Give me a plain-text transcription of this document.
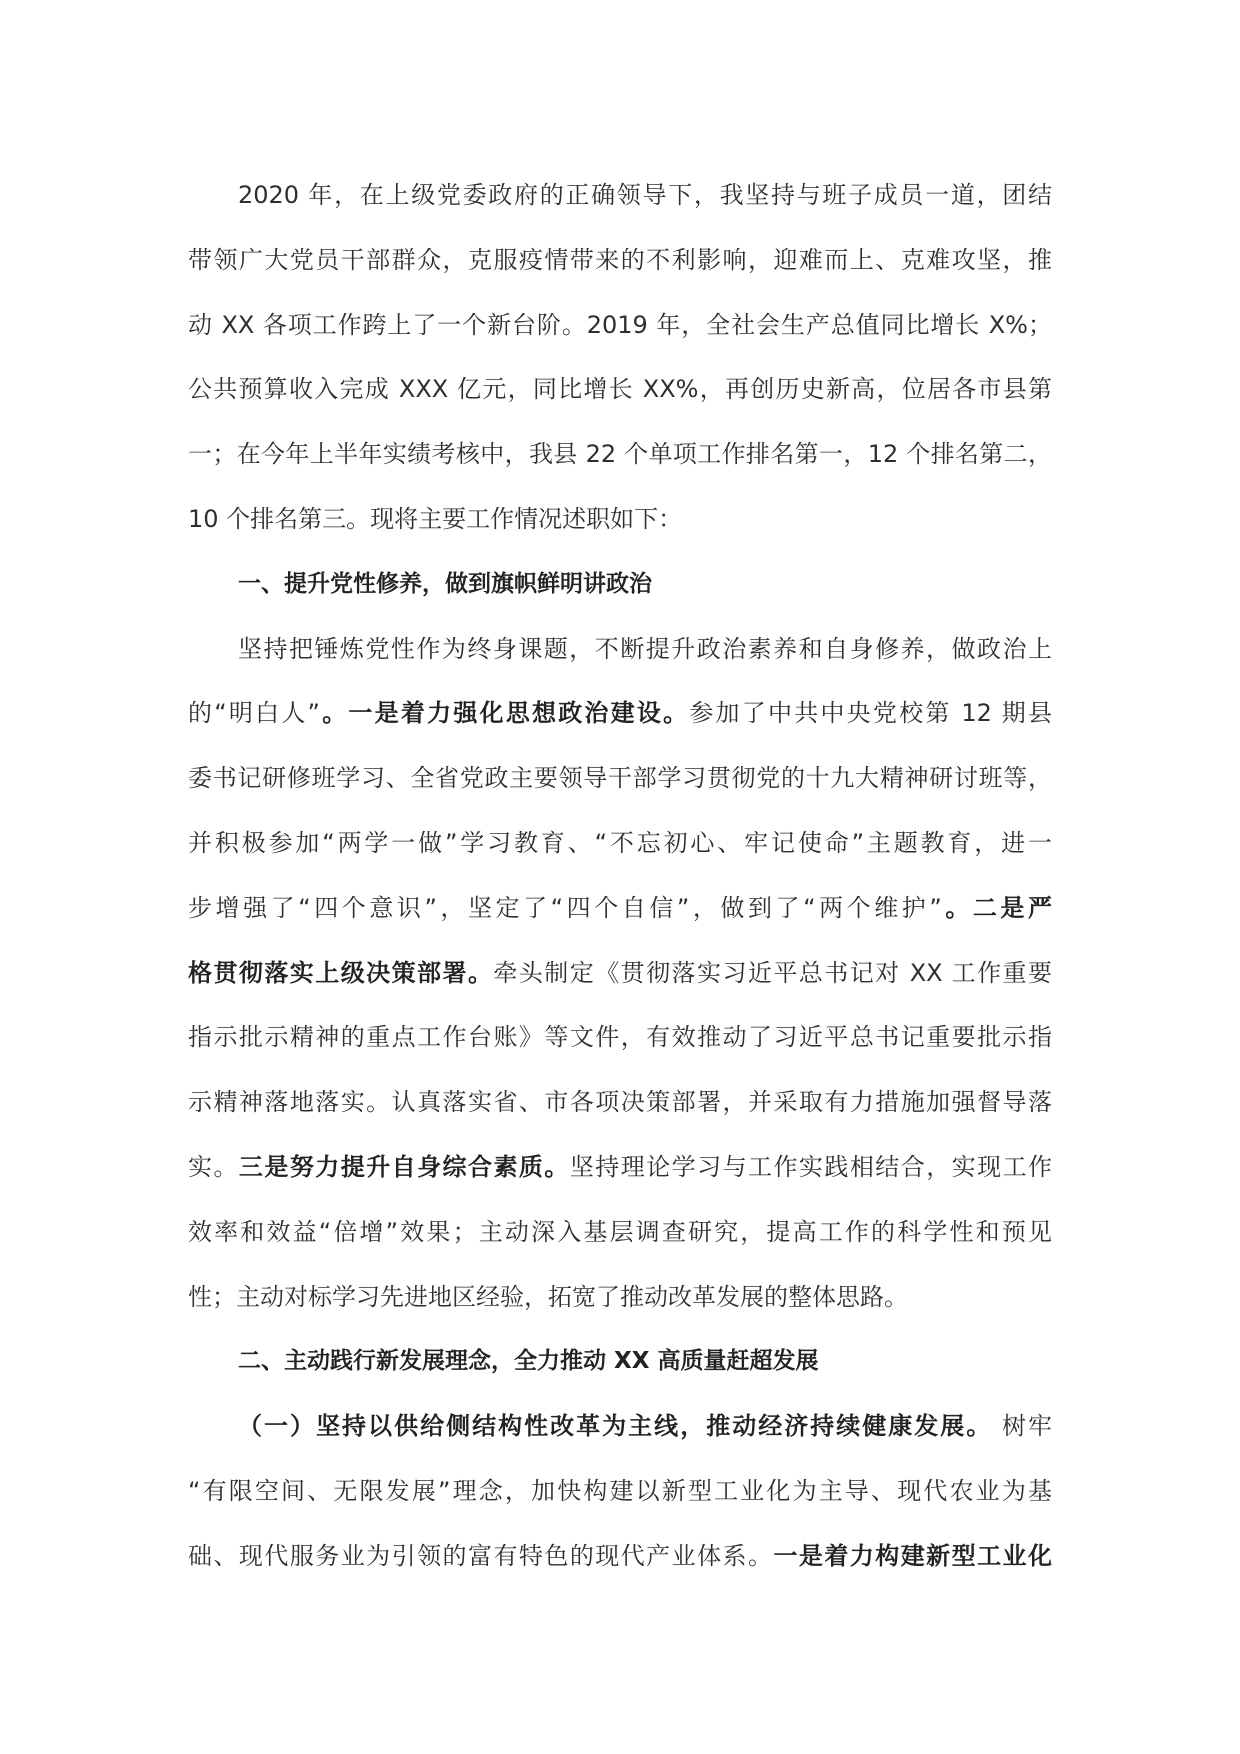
2020 年，在上级党委政府的正确领导下，我坚持与班子成员一道，团结
带领广大党员干部群众，克服疫情带来的不利影响，迎难而上、克难攻坚，推
动 XX 各项工作跨上了一个新台阶。2019 年，全社会生产总值同比增长 X%；
公共预算收入完成 XXX 亿元，同比增长 XX%，再创历史新高，位居各市县第
一；在今年上半年实绩考核中，我县 22 个单项工作排名第一，12 个排名第二，
10 个排名第三。现将主要工作情况述职如下：
一、提升党性修养，做到旗帜鲜明讲政治
坚持把锤炼党性作为终身课题，不断提升政治素养和自身修养，做政治上
的“明白人”。一是着力强化思想政治建设。参加了中共中央党校第 12 期县
委书记研修班学习、全省党政主要领导干部学习贯彻党的十九大精神研讨班等，
并积极参加“两学一做”学习教育、“不忘初心、牢记使命”主题教育，进一
步增强了“四个意识”，坚定了“四个自信”，做到了“两个维护”。二是严
格贯彻落实上级决策部署。牵头制定《贯彻落实习近平总书记对 XX 工作重要
指示批示精神的重点工作台账》等文件，有效推动了习近平总书记重要批示指
示精神落地落实。认真落实省、市各项决策部署，并采取有力措施加强督导落
实。三是努力提升自身综合素质。坚持理论学习与工作实践相结合，实现工作
效率和效益“倍增”效果；主动深入基层调查研究，提高工作的科学性和预见
性；主动对标学习先进地区经验，拓宽了推动改革发展的整体思路。
二、主动践行新发展理念，全力推动 XX 高质量赶超发展
（一）坚持以供给侧结构性改革为主线，推动经济持续健康发展。 树牢
“有限空间、无限发展”理念，加快构建以新型工业化为主导、现代农业为基
础、现代服务业为引领的富有特色的现代产业体系。一是着力构建新型工业化
